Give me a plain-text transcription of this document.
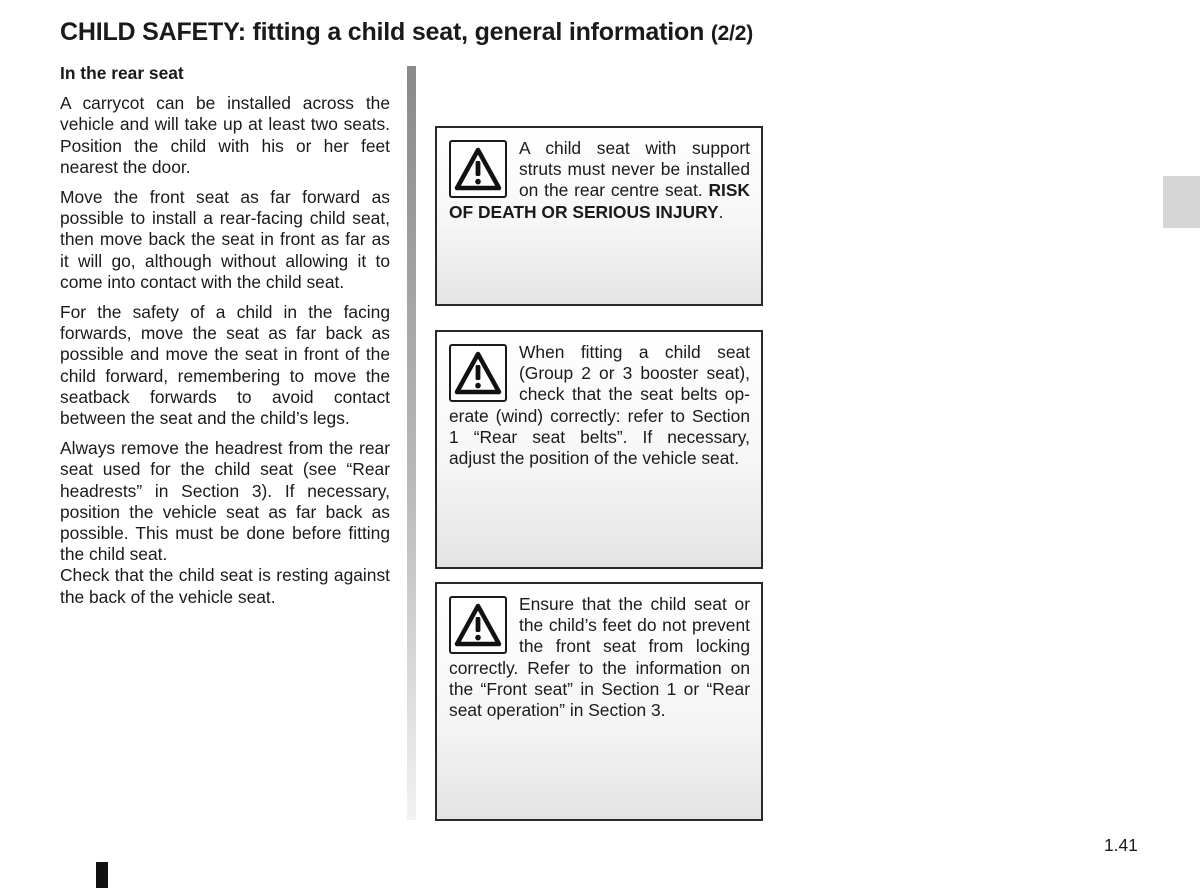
CHILD SAFETY: fitting a child seat, general information (2/2)
In the rear seat

A carrycot can be installed across the vehicle and will take up at least two seats. Position the child with his or her feet nearest the door.

Move the front seat as far forward as possible to install a rear-facing child seat, then move back the seat in front as far as it will go, although without allowing it to come into contact with the child seat.

For the safety of a child in the facing forwards, move the seat as far back as possible and move the seat in front of the child forward, remembering to move the seatback forwards to avoid contact between the seat and the child’s legs.

Always remove the headrest from the rear seat used for the child seat (see “Rear headrests” in Section 3). If necessary, position the vehicle seat as far back as possible. This must be done before fitting the child seat.

Check that the child seat is resting against the back of the vehicle seat.

A child seat with support struts must never be installed on the rear centre seat. RISK OF DEATH OR SERIOUS INJURY.
When fitting a child seat (Group 2 or 3 booster seat), check that the seat belts operate (wind) correctly: refer to Section 1 “Rear seat belts”. If necessary, adjust the position of the vehicle seat.
Ensure that the child seat or the child’s feet do not prevent the front seat from locking correctly. Refer to the information on the “Front seat” in Section 1 or “Rear seat operation” in Section 3.
1.41
